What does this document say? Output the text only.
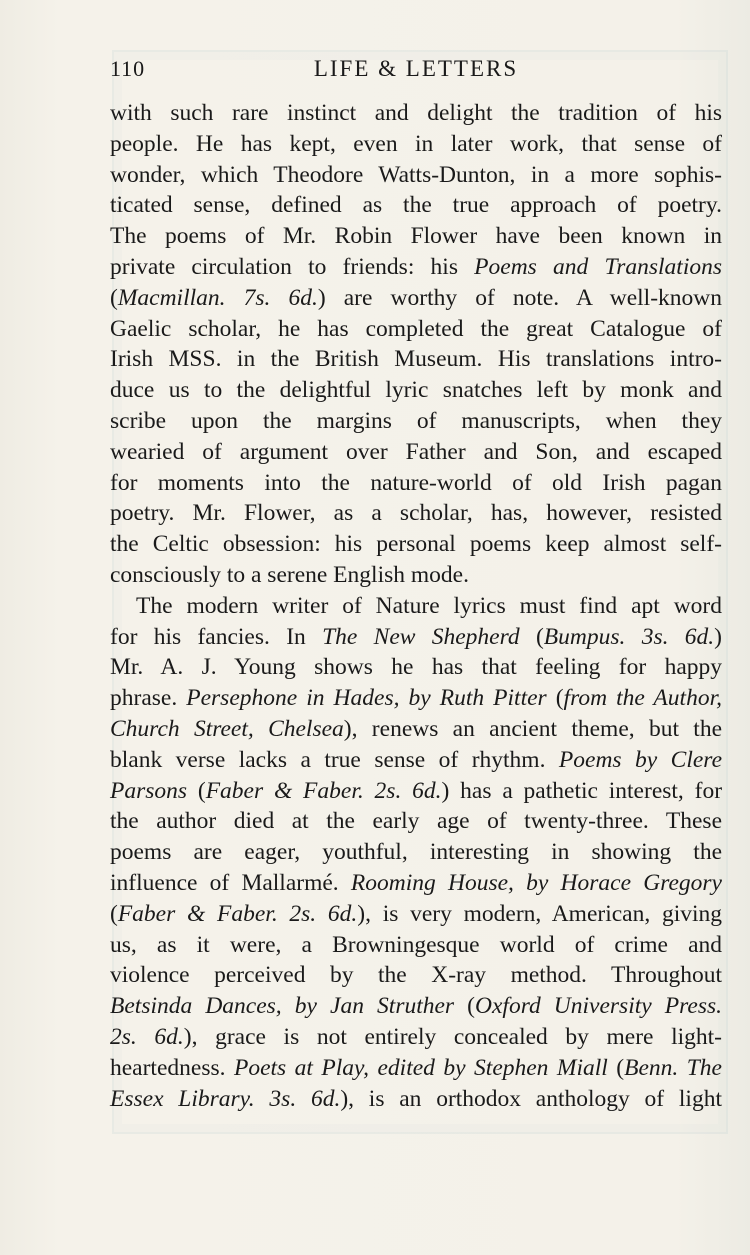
110	LIFE & LETTERS
with such rare instinct and delight the tradition of his
people. He has kept, even in later work, that sense of
wonder, which Theodore Watts-Dunton, in a more sophis-
ticated sense, defined as the true approach of poetry.
The poems of Mr. Robin Flower have been known in
private circulation to friends: his Poems and Translations
(Macmillan. 7s. 6d.) are worthy of note. A well-known
Gaelic scholar, he has completed the great Catalogue of
Irish MSS. in the British Museum. His translations intro-
duce us to the delightful lyric snatches left by monk and
scribe upon the margins of manuscripts, when they
wearied of argument over Father and Son, and escaped
for moments into the nature-world of old Irish pagan
poetry. Mr. Flower, as a scholar, has, however, resisted
the Celtic obsession: his personal poems keep almost self-
consciously to a serene English mode.
The modern writer of Nature lyrics must find apt word
for his fancies. In The New Shepherd (Bumpus. 3s. 6d.)
Mr. A. J. Young shows he has that feeling for happy
phrase. Persephone in Hades, by Ruth Pitter (from the Author,
Church Street, Chelsea), renews an ancient theme, but the
blank verse lacks a true sense of rhythm. Poems by Clere
Parsons (Faber & Faber. 2s. 6d.) has a pathetic interest, for
the author died at the early age of twenty-three. These
poems are eager, youthful, interesting in showing the
influence of Mallarmé. Rooming House, by Horace Gregory
(Faber & Faber. 2s. 6d.), is very modern, American, giving
us, as it were, a Browningesque world of crime and
violence perceived by the X-ray method. Throughout
Betsinda Dances, by Jan Struther (Oxford University Press.
2s. 6d.), grace is not entirely concealed by mere light-
heartedness. Poets at Play, edited by Stephen Miall (Benn. The
Essex Library. 3s. 6d.), is an orthodox anthology of light
